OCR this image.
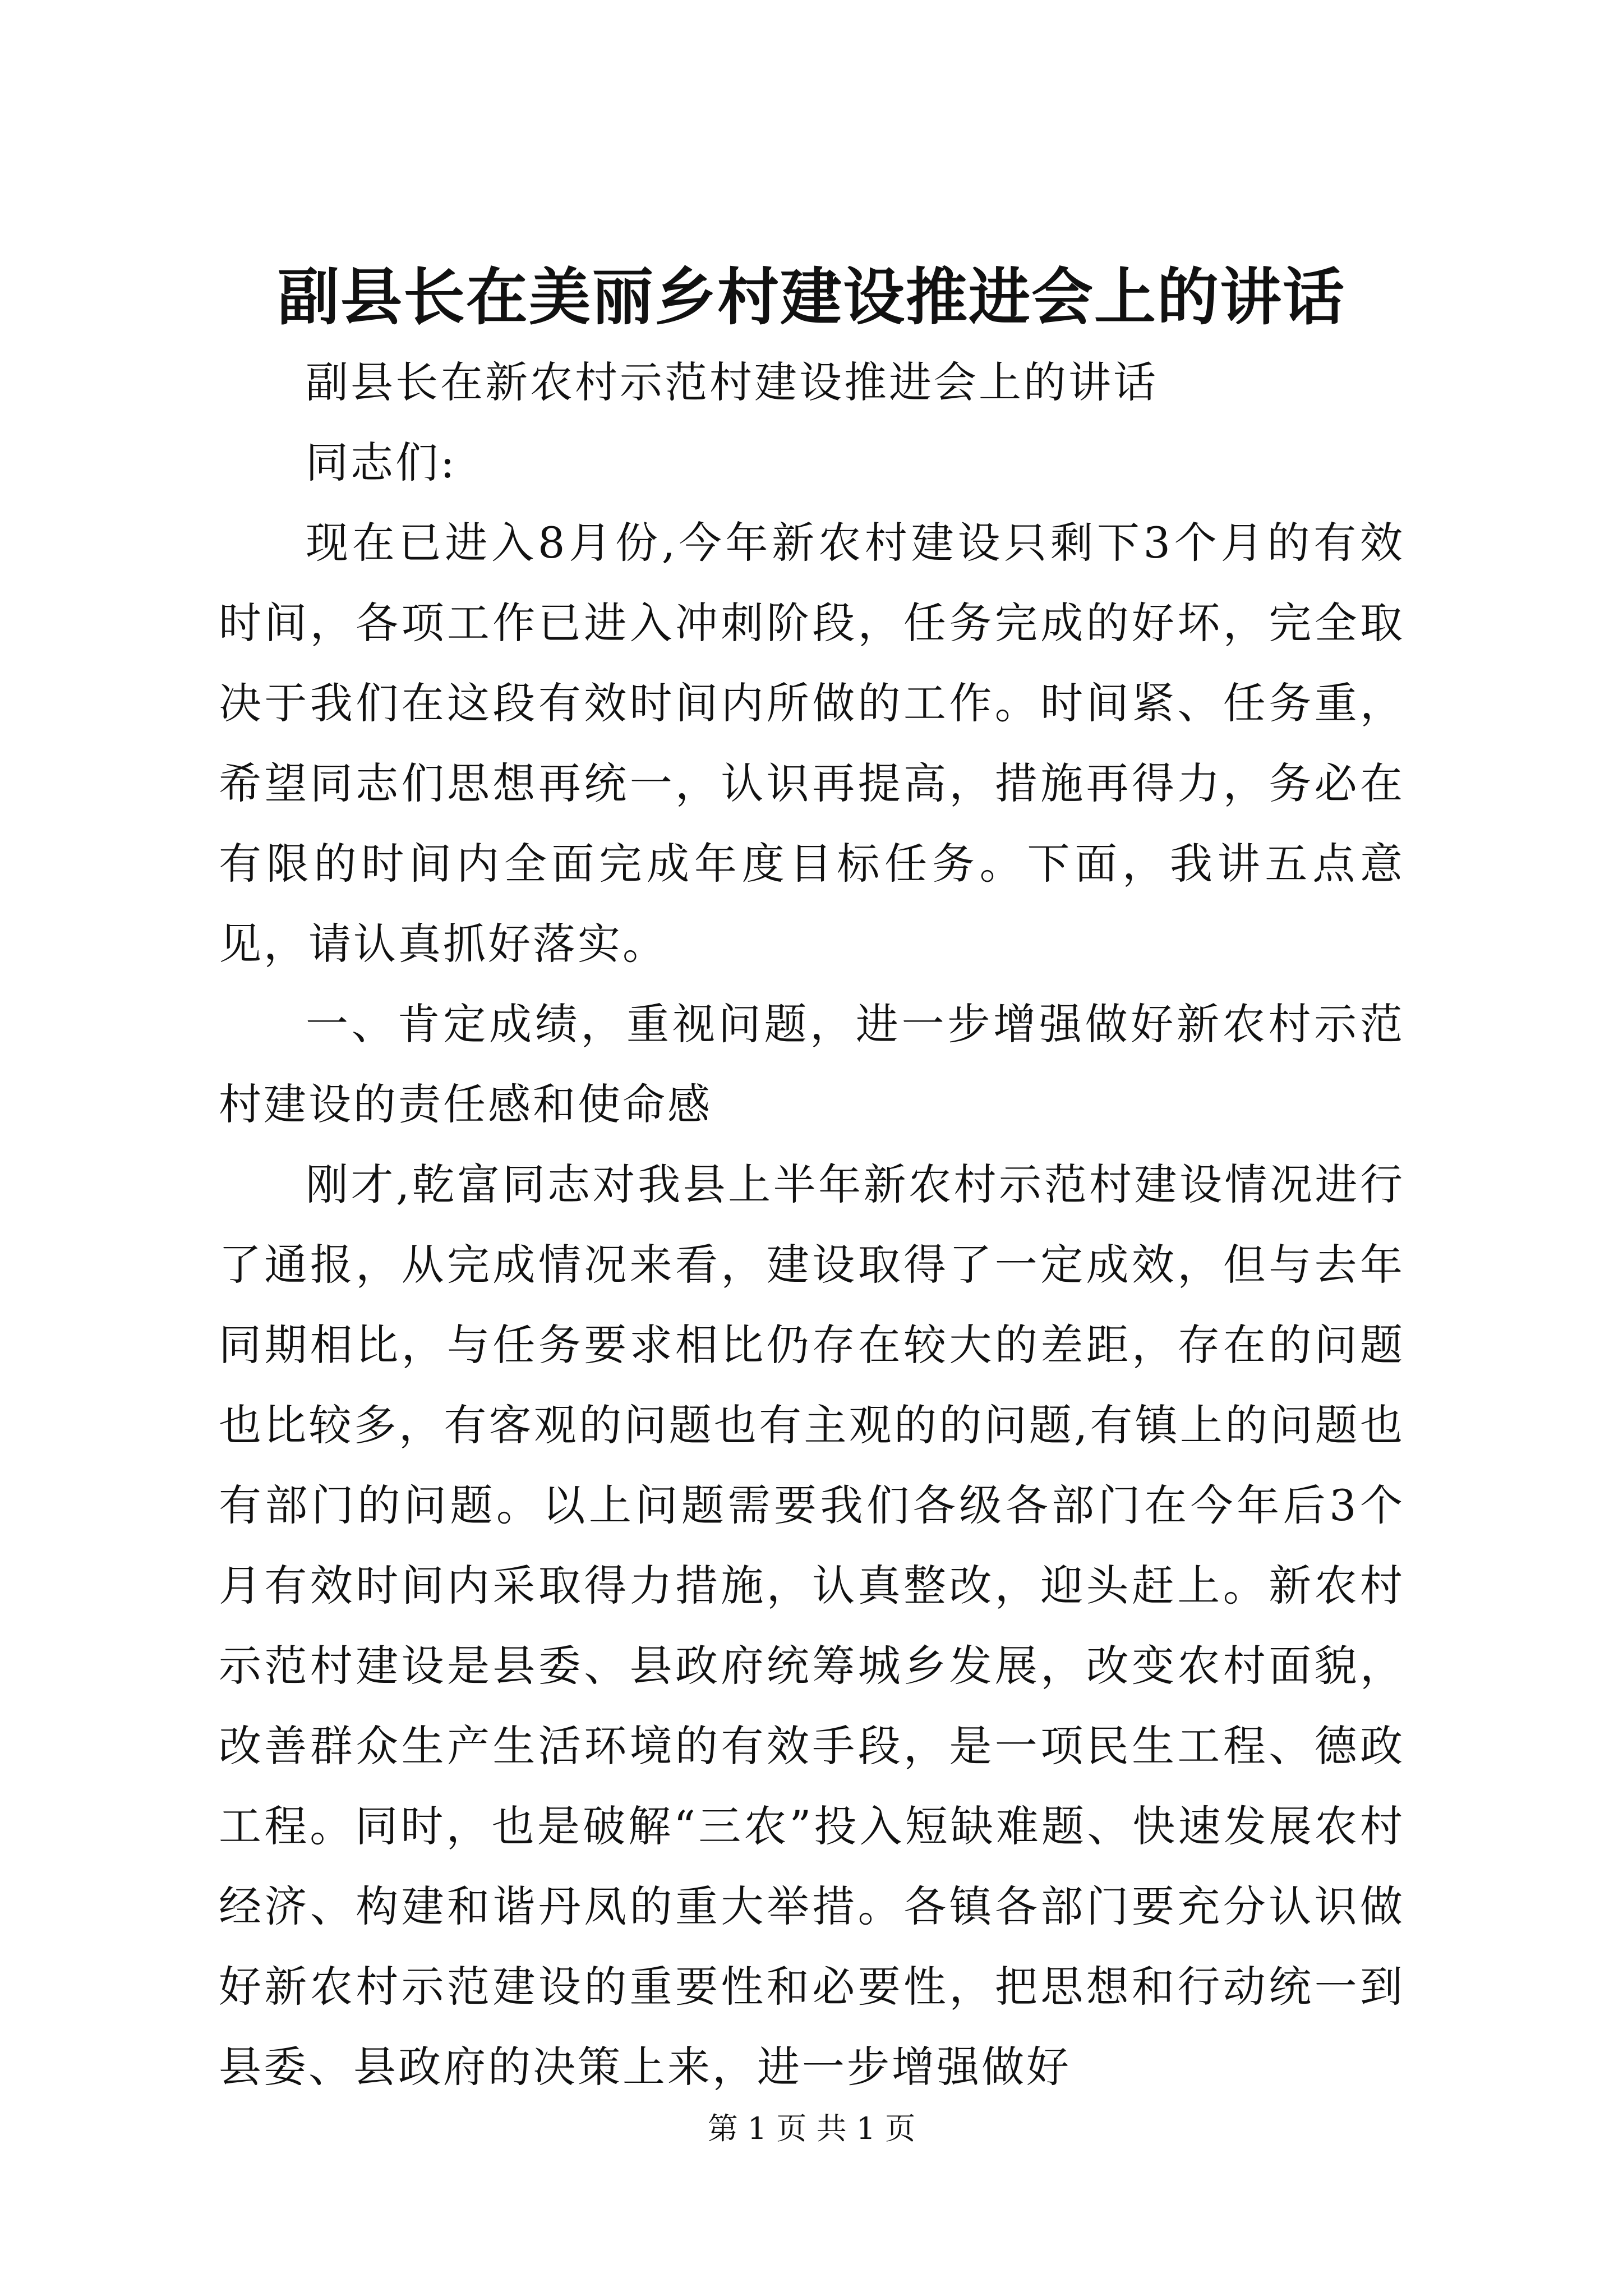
副县长在美丽乡村建设推进会上的讲话

副县长在新农村示范村建设推进会上的讲话

同志们:

现在已进入8月份,今年新农村建设只剩下3个月的有效时间，各项工作已进入冲刺阶段，任务完成的好坏，完全取决于我们在这段有效时间内所做的工作。时间紧、任务重，希望同志们思想再统一，认识再提高，措施再得力，务必在有限的时间内全面完成年度目标任务。下面，我讲五点意见，请认真抓好落实。

一、肯定成绩，重视问题，进一步增强做好新农村示范村建设的责任感和使命感

刚才,乾富同志对我县上半年新农村示范村建设情况进行了通报，从完成情况来看，建设取得了一定成效，但与去年同期相比，与任务要求相比仍存在较大的差距，存在的问题也比较多，有客观的问题也有主观的的问题,有镇上的问题也有部门的问题。以上问题需要我们各级各部门在今年后3个月有效时间内采取得力措施，认真整改，迎头赶上。新农村示范村建设是县委、县政府统筹城乡发展，改变农村面貌，改善群众生产生活环境的有效手段，是一项民生工程、德政工程。同时，也是破解“三农”投入短缺难题、快速发展农村经济、构建和谐丹凤的重大举措。各镇各部门要充分认识做好新农村示范建设的重要性和必要性，把思想和行动统一到县委、县政府的决策上来，进一步增强做好

第 1 页 共 1 页
